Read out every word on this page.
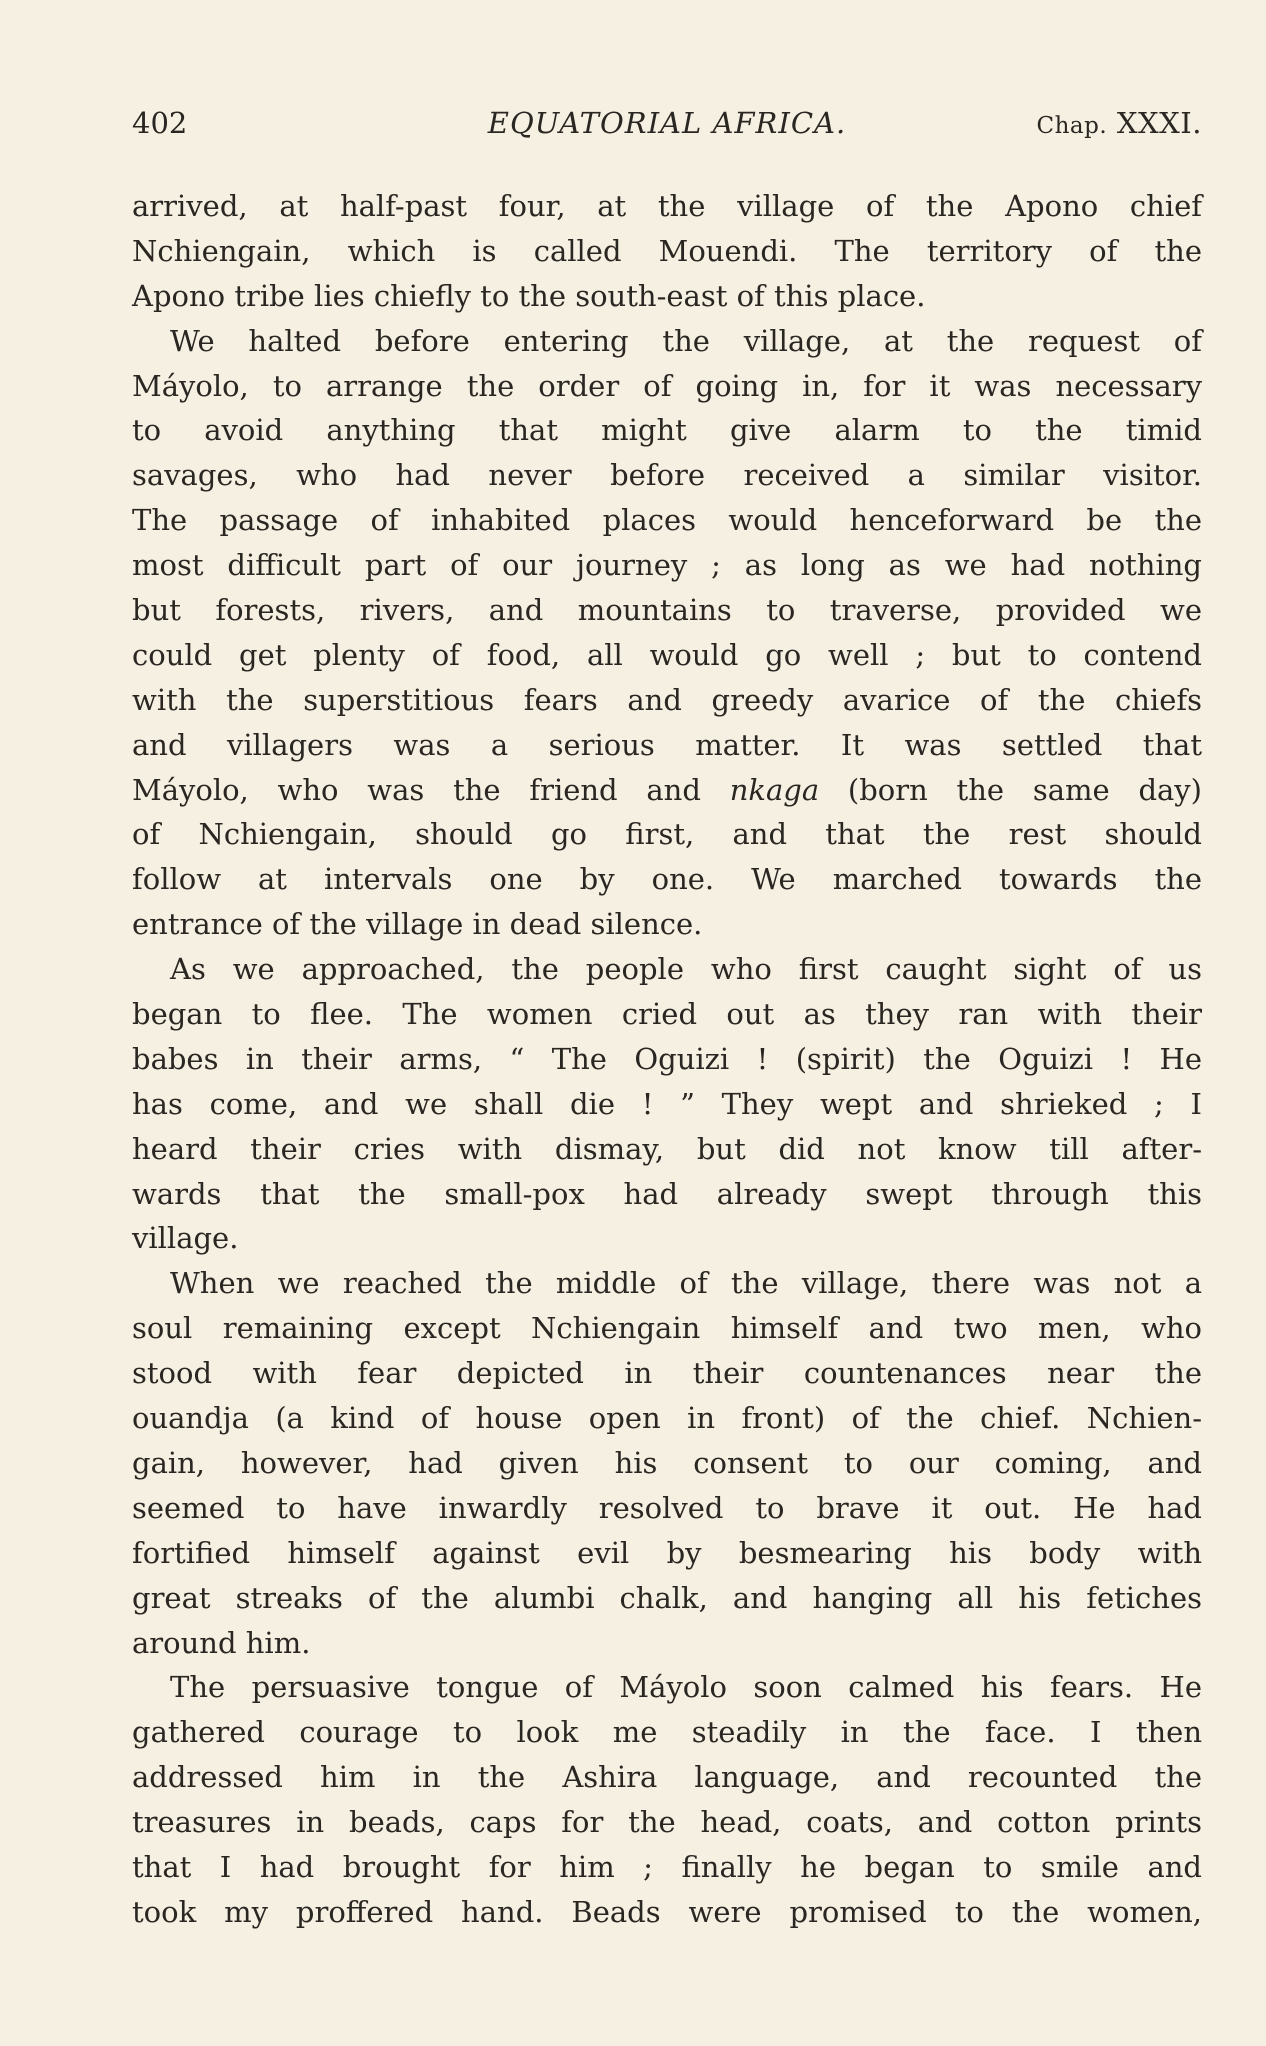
402	EQUATORIAL AFRICA.	Chap. XXXI.
arrived, at half-past four, at the village of the Apono chief
Nchiengain, which is called Mouendi. The territory of the
Apono tribe lies chiefly to the south-east of this place.
We halted before entering the village, at the request of
Máyolo, to arrange the order of going in, for it was necessary
to avoid anything that might give alarm to the timid
savages, who had never before received a similar visitor.
The passage of inhabited places would henceforward be the
most difficult part of our journey ; as long as we had nothing
but forests, rivers, and mountains to traverse, provided we
could get plenty of food, all would go well ; but to contend
with the superstitious fears and greedy avarice of the chiefs
and villagers was a serious matter. It was settled that
Máyolo, who was the friend and nkaga (born the same day)
of Nchiengain, should go first, and that the rest should
follow at intervals one by one. We marched towards the
entrance of the village in dead silence.
As we approached, the people who first caught sight of us
began to flee. The women cried out as they ran with their
babes in their arms, “ The Oguizi ! (spirit) the Oguizi ! He
has come, and we shall die ! ” They wept and shrieked ; I
heard their cries with dismay, but did not know till after-
wards that the small-pox had already swept through this
village.
When we reached the middle of the village, there was not a
soul remaining except Nchiengain himself and two men, who
stood with fear depicted in their countenances near the
ouandja (a kind of house open in front) of the chief. Nchien-
gain, however, had given his consent to our coming, and
seemed to have inwardly resolved to brave it out. He had
fortified himself against evil by besmearing his body with
great streaks of the alumbi chalk, and hanging all his fetiches
around him.
The persuasive tongue of Máyolo soon calmed his fears. He
gathered courage to look me steadily in the face. I then
addressed him in the Ashira language, and recounted the
treasures in beads, caps for the head, coats, and cotton prints
that I had brought for him ; finally he began to smile and
took my proffered hand. Beads were promised to the women,
